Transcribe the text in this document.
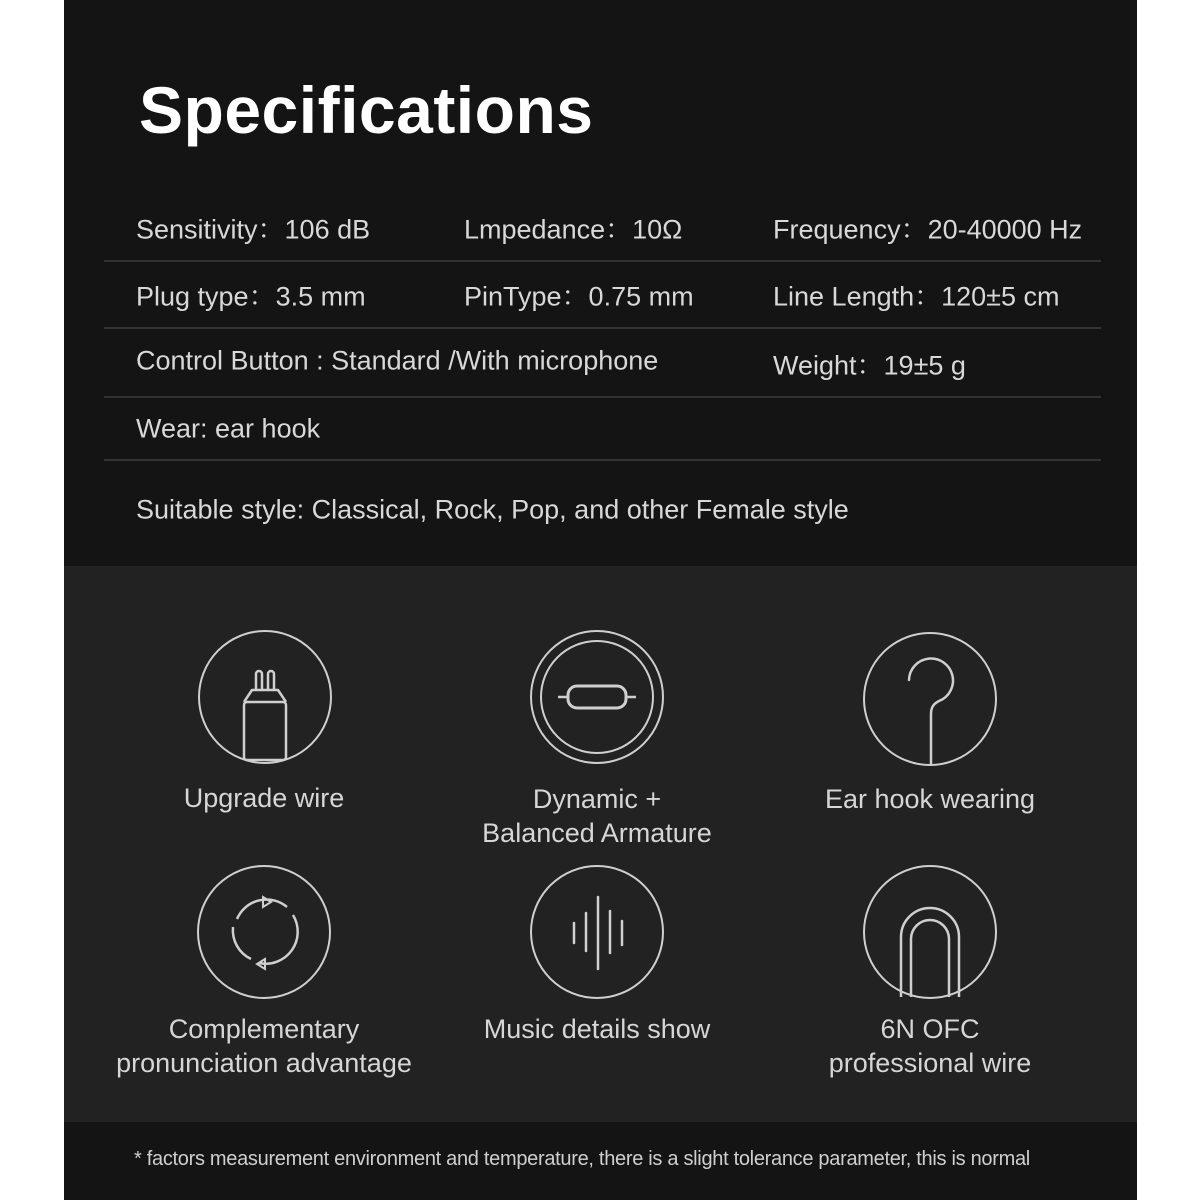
Specifications
Sensitivity：106 dB	Lmpedance：10Ω	Frequency：20-40000 Hz
Plug type：3.5 mm	PinType：0.75 mm	Line Length：120±5 cm
Control Button : Standard /With microphone	Weight：19±5 g
Wear: ear hook
Suitable style: Classical, Rock, Pop, and other Female style
Upgrade wire	Dynamic +
Balanced Armature
Ear hook wearing
Complementary
pronunciation advantage
Music details show	6N OFC
professional wire
* factors measurement environment and temperature, there is a slight tolerance parameter, this is normal
